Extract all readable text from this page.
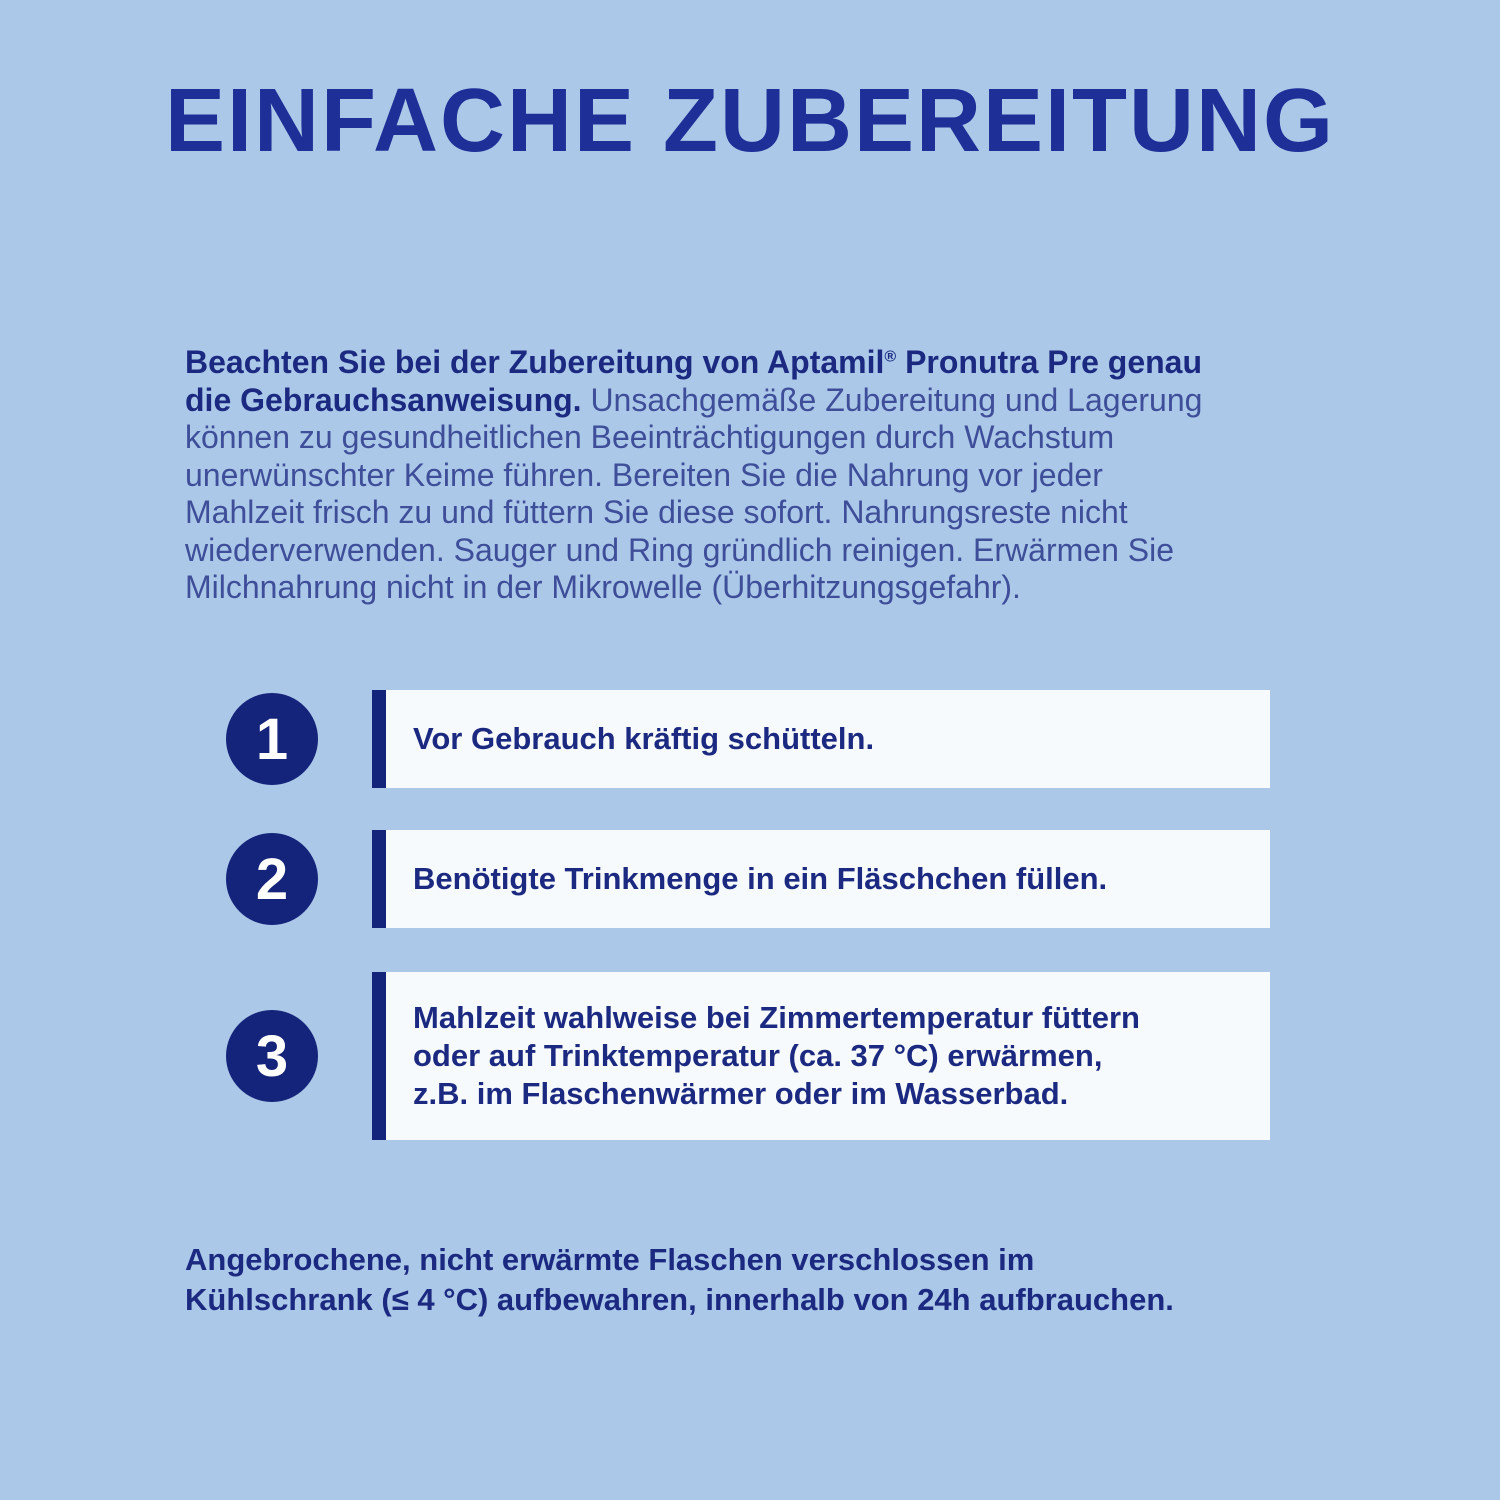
EINFACHE ZUBEREITUNG
Beachten Sie bei der Zubereitung von Aptamil® Pronutra Pre genau
die Gebrauchsanweisung. Unsachgemäße Zubereitung und Lagerung
können zu gesundheitlichen Beeinträchtigungen durch Wachstum
unerwünschter Keime führen. Bereiten Sie die Nahrung vor jeder
Mahlzeit frisch zu und füttern Sie diese sofort. Nahrungsreste nicht
wiederverwenden. Sauger und Ring gründlich reinigen. Erwärmen Sie
Milchnahrung nicht in der Mikrowelle (Überhitzungsgefahr).
1	Vor Gebrauch kräftig schütteln.
2	Benötigte Trinkmenge in ein Fläschchen füllen.
3
Mahlzeit wahlweise bei Zimmertemperatur füttern
oder auf Trinktemperatur (ca. 37 °C) erwärmen,
z.B. im Flaschenwärmer oder im Wasserbad.
Angebrochene, nicht erwärmte Flaschen verschlossen im
Kühlschrank (≤ 4 °C) aufbewahren, innerhalb von 24h aufbrauchen.
